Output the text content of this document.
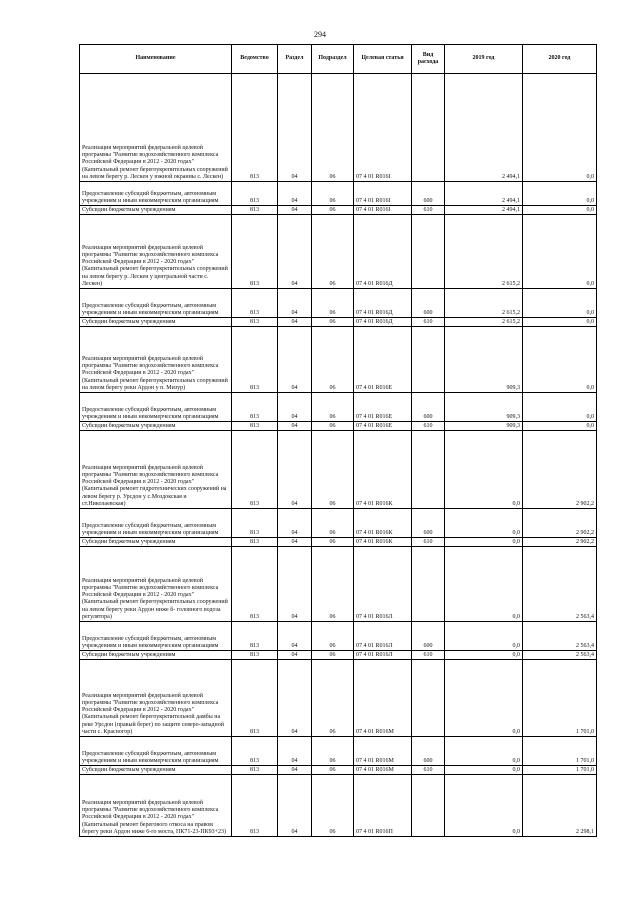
294
Наименование	Ведомство	Раздел	Подраздел	Целевая статья	Вид расхода	2019 год	2020 год
Реализация мероприятий федеральной целевой программы "Развитие водохозяйственного комплекса Российской Федерации в 2012 - 2020 годах"
(Капитальный ремонт берегоукрепительных сооружений на левом берегу р. Лескен у южной окраины с. Лескен)	813	04	06	07 4 01 R016I		2 494,1	0,0
Предоставление субсидий бюджетным, автономным учреждениям и иным некоммерческим организациям	813	04	06	07 4 01 R016I	600	2 494,1	0,0
Субсидии бюджетным учреждениям	813	04	06	07 4 01 R016I	610	2 494,1	0,0
Реализация мероприятий федеральной целевой программы "Развитие водохозяйственного комплекса Российской Федерации в 2012 - 2020 годах"
(Капитальный ремонт берегоукрепительных сооружений на левом берегу р. Лескен у центральной части с. Лескен)	813	04	06	07 4 01 R016Д		2 615,2	0,0
Предоставление субсидий бюджетным, автономным учреждениям и иным некоммерческим организациям	813	04	06	07 4 01 R016Д	600	2 615,2	0,0
Субсидии бюджетным учреждениям	813	04	06	07 4 01 R016Д	610	2 615,2	0,0
Реализация мероприятий федеральной целевой программы "Развитие водохозяйственного комплекса Российской Федерации в 2012 - 2020 годах"
(Капитальный ремонт берегоукрепительных сооружений на левом берегу реки Ардон у п. Мизур)	813	04	06	07 4 01 R016Е		909,3	0,0
Предоставление субсидий бюджетным, автономным учреждениям и иным некоммерческим организациям	813	04	06	07 4 01 R016Е	600	909,3	0,0
Субсидии бюджетным учреждениям	813	04	06	07 4 01 R016Е	610	909,3	0,0
Реализация мероприятий федеральной целевой программы "Развитие водохозяйственного комплекса Российской Федерации в 2012 - 2020 годах"
(Капитальный ремонт гидротехнических сооружений на левом берегу р. Урсдон у с.Моздокская и ст.Николаевская)	813	04	06	07 4 01 R016К		0,0	2 902,2
Предоставление субсидий бюджетным, автономным учреждениям и иным некоммерческим организациям	813	04	06	07 4 01 R016К	600	0,0	2 902,2
Субсидии бюджетным учреждениям	813	04	06	07 4 01 R016К	610	0,0	2 902,2
Реализация мероприятий федеральной целевой программы "Развитие водохозяйственного комплекса Российской Федерации в 2012 - 2020 годах"
(Капитальный ремонт берегоукрепительных сооружений на левом берегу реки Ардон ниже б- головного водоза регулятора)	813	04	06	07 4 01 R016Л		0,0	2 563,4
Предоставление субсидий бюджетным, автономным учреждениям и иным некоммерческим организациям	813	04	06	07 4 01 R016Л	600	0,0	2 563,4
Субсидии бюджетным учреждениям	813	04	06	07 4 01 R016Л	610	0,0	2 563,4
Реализация мероприятий федеральной целевой программы "Развитие водохозяйственного комплекса Российской Федерации в 2012 - 2020 годах"
(Капитальный ремонт берегоукрепительной дамбы на реке Урсдон (правый берег) по защите северо-западной части с. Красногор)	813	04	06	07 4 01 R016М		0,0	1 701,0
Предоставление субсидий бюджетным, автономным учреждениям и иным некоммерческим организациям	813	04	06	07 4 01 R016М	600	0,0	1 701,0
Субсидии бюджетным учреждениям	813	04	06	07 4 01 R016М	610	0,0	1 701,0
Реализация мероприятий федеральной целевой программы "Развитие водохозяйственного комплекса Российской Федерации в 2012 - 2020 годах"
(Капитальный ремонт берегового откоса на правом берегу реки Ардон ниже 6-го моста, ПК71-23-ПК93+23)	813	04	06	07 4 01 R016П		0,0	2 298,1
